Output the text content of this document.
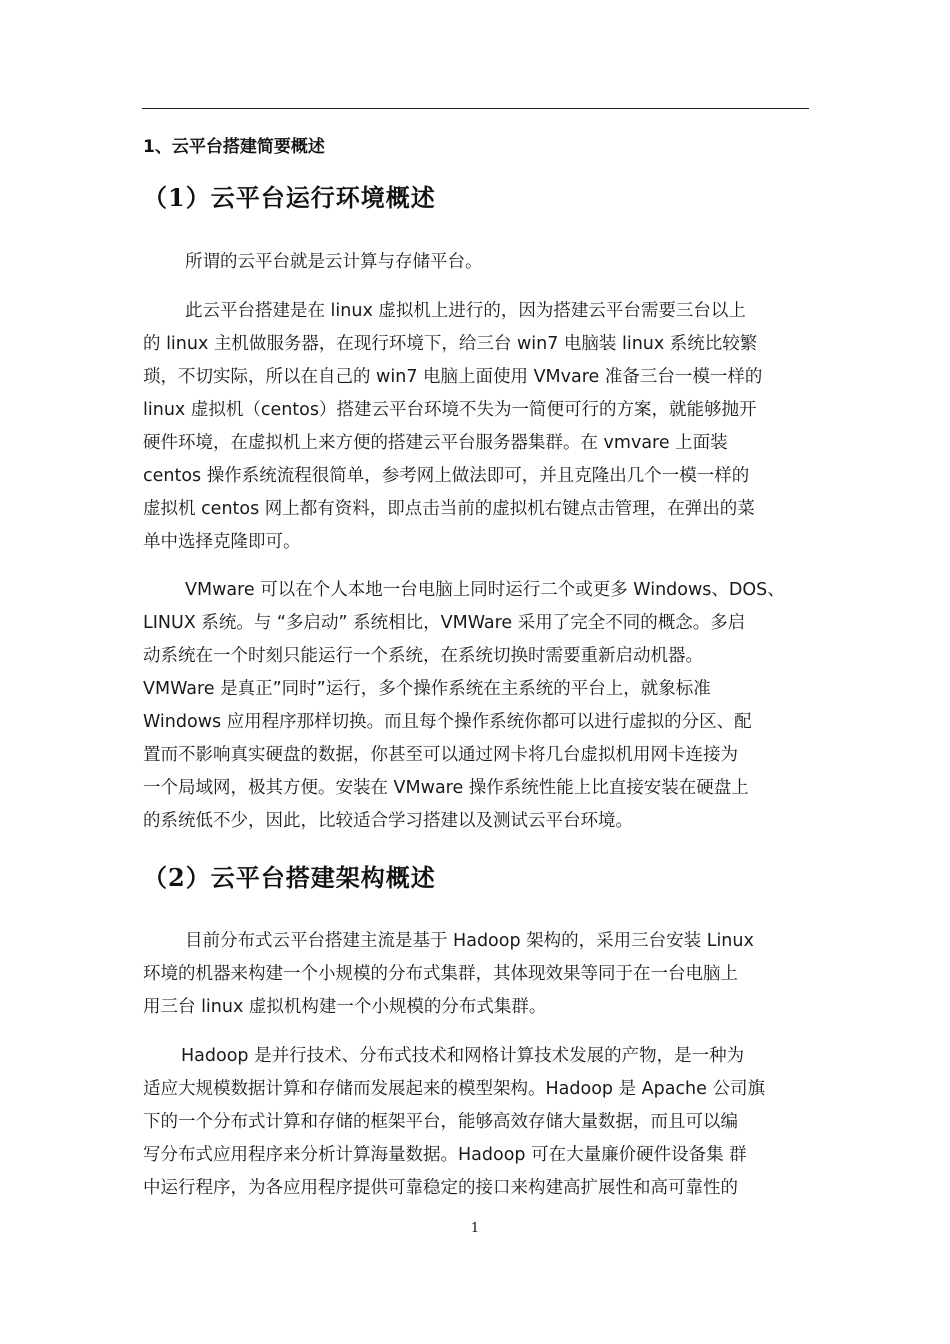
1、云平台搭建简要概述
（1）云平台运行环境概述
所谓的云平台就是云计算与存储平台。
此云平台搭建是在 linux 虚拟机上进行的，因为搭建云平台需要三台以上
的 linux 主机做服务器，在现行环境下，给三台 win7 电脑装 linux 系统比较繁
琐，不切实际，所以在自己的 win7 电脑上面使用 VMvare 准备三台一模一样的
linux 虚拟机（centos）搭建云平台环境不失为一简便可行的方案，就能够抛开
硬件环境，在虚拟机上来方便的搭建云平台服务器集群。在 vmvare 上面装
centos 操作系统流程很简单，参考网上做法即可，并且克隆出几个一模一样的
虚拟机 centos 网上都有资料，即点击当前的虚拟机右键点击管理，在弹出的菜
单中选择克隆即可。
VMware 可以在个人本地一台电脑上同时运行二个或更多 Windows、DOS、
LINUX 系统。与 “多启动” 系统相比，VMWare 采用了完全不同的概念。多启
动系统在一个时刻只能运行一个系统，在系统切换时需要重新启动机器。
VMWare 是真正”同时”运行，多个操作系统在主系统的平台上，就象标准
Windows 应用程序那样切换。而且每个操作系统你都可以进行虚拟的分区、配
置而不影响真实硬盘的数据，你甚至可以通过网卡将几台虚拟机用网卡连接为
一个局域网，极其方便。安装在 VMware 操作系统性能上比直接安装在硬盘上
的系统低不少，因此，比较适合学习搭建以及测试云平台环境。
（2）云平台搭建架构概述
目前分布式云平台搭建主流是基于 Hadoop 架构的，采用三台安装 Linux
环境的机器来构建一个小规模的分布式集群，其体现效果等同于在一台电脑上
用三台 linux 虚拟机构建一个小规模的分布式集群。
Hadoop 是并行技术、分布式技术和网格计算技术发展的产物，是一种为
适应大规模数据计算和存储而发展起来的模型架构。Hadoop 是 Apache 公司旗
下的一个分布式计算和存储的框架平台，能够高效存储大量数据，而且可以编
写分布式应用程序来分析计算海量数据。Hadoop 可在大量廉价硬件设备集 群
中运行程序，为各应用程序提供可靠稳定的接口来构建高扩展性和高可靠性的
1
